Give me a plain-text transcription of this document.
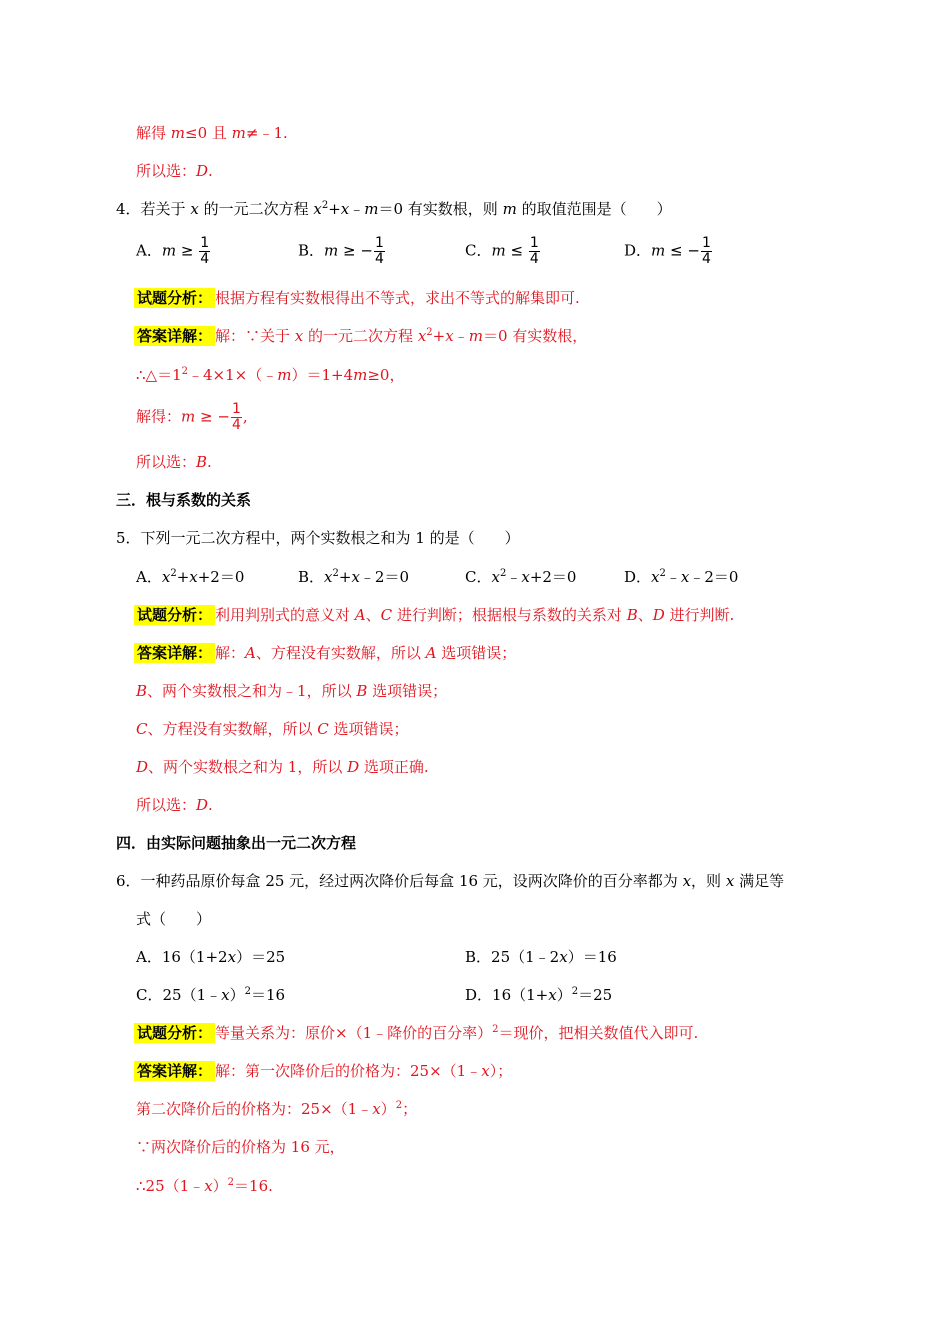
解得 m≤0 且 m≠﹣1.
所以选：D.
4．若关于 x 的一元二次方程 $x^2+x﹣m=0$ 有实数根，则 m 的取值范围是（　　）
A．$m \ge \frac{1}{4}$	B．m ≥ − $\frac{1}{4}$	C．$m \le \frac{1}{4}$	D．m ≤ − $\frac{1}{4}$
试题分析： 根据方程有实数根得出不等式，求出不等式的解集即可.
答案详解： 解：∵关于 x 的一元二次方程 $x^2+x﹣m=0$ 有实数根，
$\therefore\triangle=1^2﹣4\times 1\times(﹣m)=1+4m\ge 0$，
解得：m ≥ − $\frac{1}{4}$ ,
所以选：B.
三．根与系数的关系
5．下列一元二次方程中，两个实数根之和为 1 的是（　　）
A．$x^2+x+2=0$	B．$x^2+x﹣2=0$	C．$x^2﹣x+2=0$	D．$x^2﹣x﹣2=0$
试题分析： 利用判别式的意义对 A、C 进行判断；根据根与系数的关系对 B、D 进行判断.
答案详解： 解：A、方程没有实数解，所以 A 选项错误；
B、两个实数根之和为﹣1，所以 B 选项错误；
C、方程没有实数解，所以 C 选项错误；
D、两个实数根之和为 1，所以 D 选项正确.
所以选：D.
四．由实际问题抽象出一元二次方程
6．一种药品原价每盒 25 元，经过两次降价后每盒 16 元，设两次降价的百分率都为 x，则 x 满足等
式（　　）
A．16（1+2x）＝25	B．25（1﹣2x）＝16
C．25（1﹣x）$^2$＝16	D．$16(1+x)^2=25$
试题分析： 等量关系为：原价×（1﹣降价的百分率）$^2$＝现价，把相关数值代入即可.
答案详解： 解：第一次降价后的价格为：25×（1﹣x）；
第二次降价后的价格为：25×（1﹣x）$^2$；
∵两次降价后的价格为 16 元，
∴25（1﹣x）$^2$＝16.
